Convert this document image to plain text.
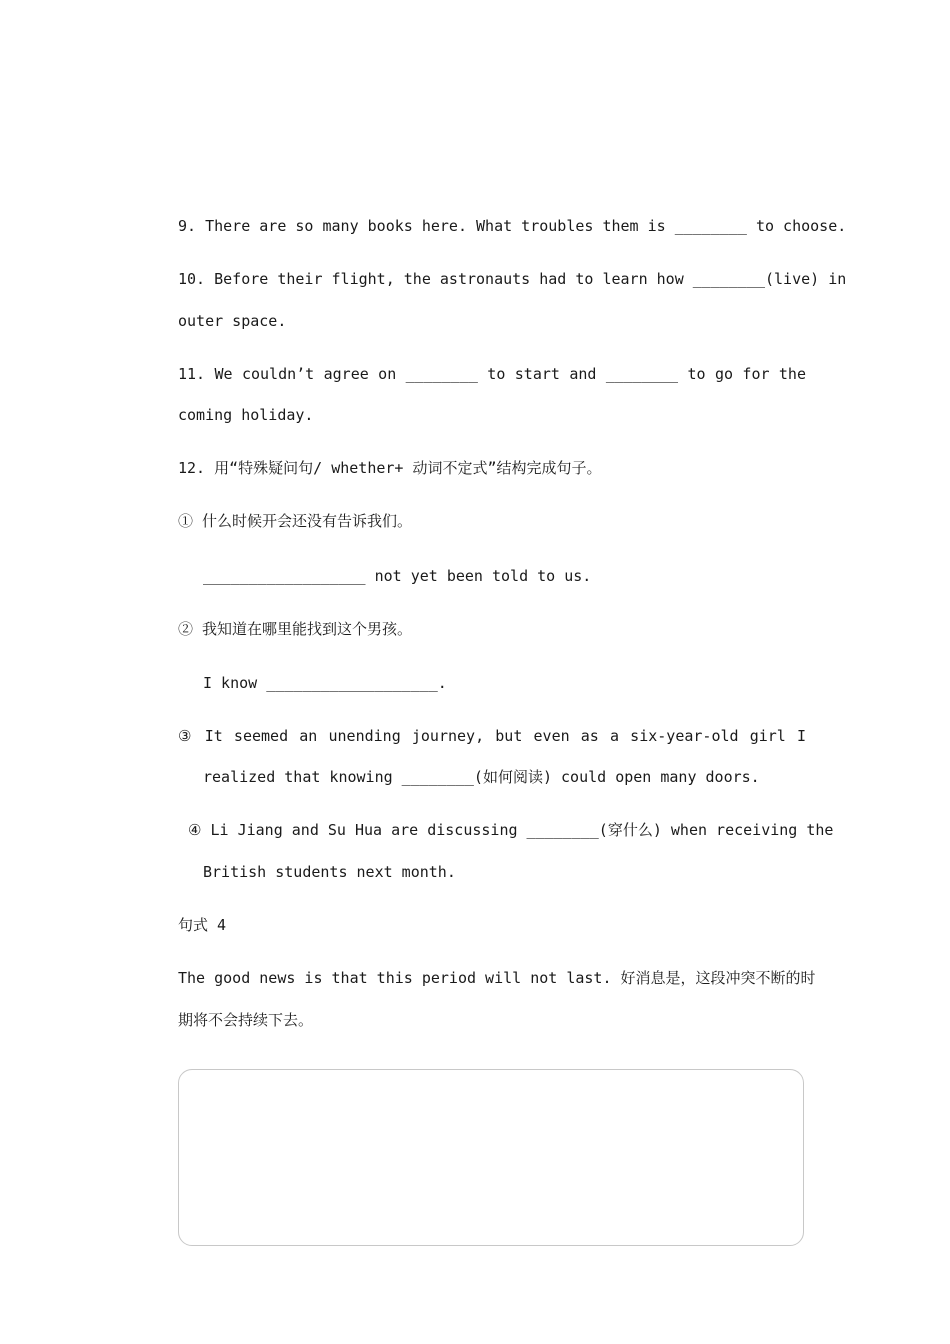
9. There are so many books here. What troubles them is ________ to choose.
10. Before their flight, the astronauts had to learn how ________(live) in
outer space.
11. We couldn’t agree on ________ to start and ________ to go for the
coming holiday.
12. 用“特殊疑问句/ whether+ 动词不定式”结构完成句子。
① 什么时候开会还没有告诉我们。
__________________ not yet been told to us.
② 我知道在哪里能找到这个男孩。
I know ___________________.
③ It seemed an unending journey, but even as a six-year-old girl I
realized that knowing ________(如何阅读) could open many doors.
④ Li Jiang and Su Hua are discussing ________(穿什么) when receiving the
British students next month.
句式 4
The good news is that this period will not last. 好消息是，这段冲突不断的时
期将不会持续下去。
